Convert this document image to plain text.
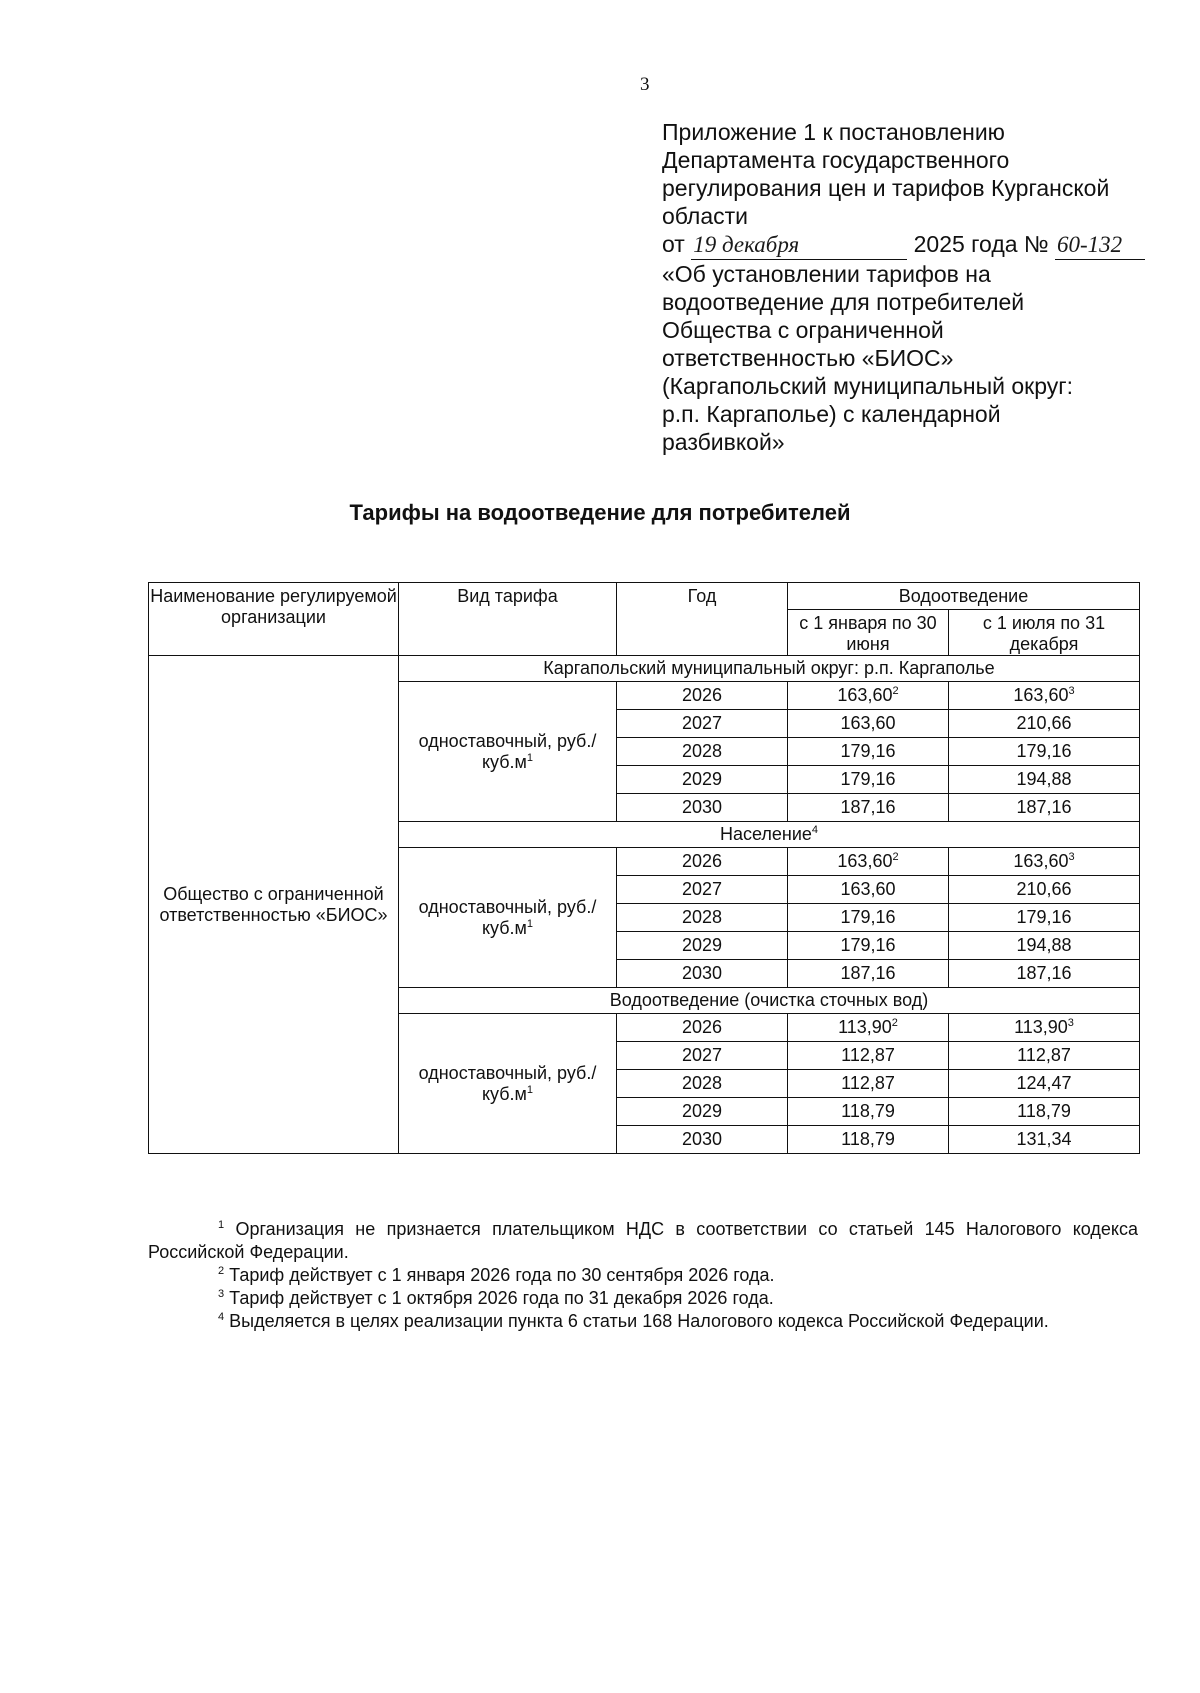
3
Приложение 1 к постановлению
Департамента государственного
регулирования цен и тарифов Курганской
области
от 19 декабря	2025 года № 60-132
«Об установлении тарифов на
водоотведение для потребителей
Общества с ограниченной
ответственностью «БИОС»
(Каргапольский муниципальный округ:
р.п. Каргаполье) с календарной
разбивкой»
Тарифы на водоотведение для потребителей
Наименование регулируемой организации	Вид тарифа	Год	Водоотведение	
			с 1 января по 30 июня	с 1 июля по 31 декабря
Общество с ограниченной ответственностью «БИОС»	Каргапольский муниципальный округ: р.п. Каргаполье			
	одноставочный, $руб./куб.м^1$	2026	163,60$^2$	163,60$^3$
		2027	163,60	210,66
		2028	179,16	179,16
		2029	179,16	194,88
		2030	187,16	187,16
	Население$^4$
	одноставочный, $руб./куб.м^1$	2026	163,60$^2$	163,60$^3$
		2027	163,60	210,66
		2028	179,16	179,16
		2029	179,16	194,88
		2030	187,16	187,16
	Водоотведение (очистка сточных вод)			
	одноставочный, $руб./куб.м^1$	2026	113,90$^2$	113,90$^3$
		2027	112,87	112,87
		2028	112,87	124,47
		2029	118,79	118,79
		2030	118,79	131,34

$^1$ Организация не признается плательщиком НДС в соответствии со статьей 145 Налогового кодекса Российской Федерации.

$^2$ Тариф действует с 1 января 2026 года по 30 сентября 2026 года.

$^3$ Тариф действует с 1 октября 2026 года по 31 декабря 2026 года.

$^4$ Выделяется в целях реализации пункта 6 статьи 168 Налогового кодекса Российской Федерации.
